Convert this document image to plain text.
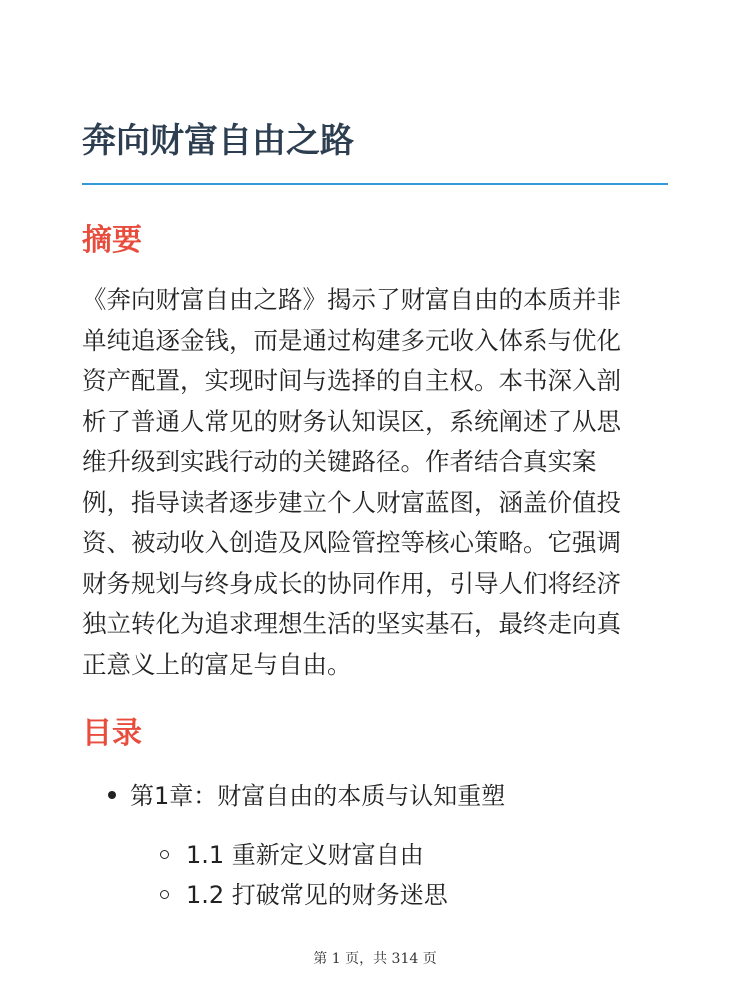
奔向财富自由之路
摘要

《奔向财富自由之路》揭示了财富自由的本质并非
单纯追逐金钱，而是通过构建多元收入体系与优化
资产配置，实现时间与选择的自主权。本书深入剖
析了普通人常见的财务认知误区，系统阐述了从思
维升级到实践行动的关键路径。作者结合真实案
例，指导读者逐步建立个人财富蓝图，涵盖价值投
资、被动收入创造及风险管控等核心策略。它强调
财务规划与终身成长的协同作用，引导人们将经济
独立转化为追求理想生活的坚实基石，最终走向真
正意义上的富足与自由。

目录
第1章：财富自由的本质与认知重塑
1.1 重新定义财富自由
1.2 打破常见的财务迷思
第 1 页，共 314 页
